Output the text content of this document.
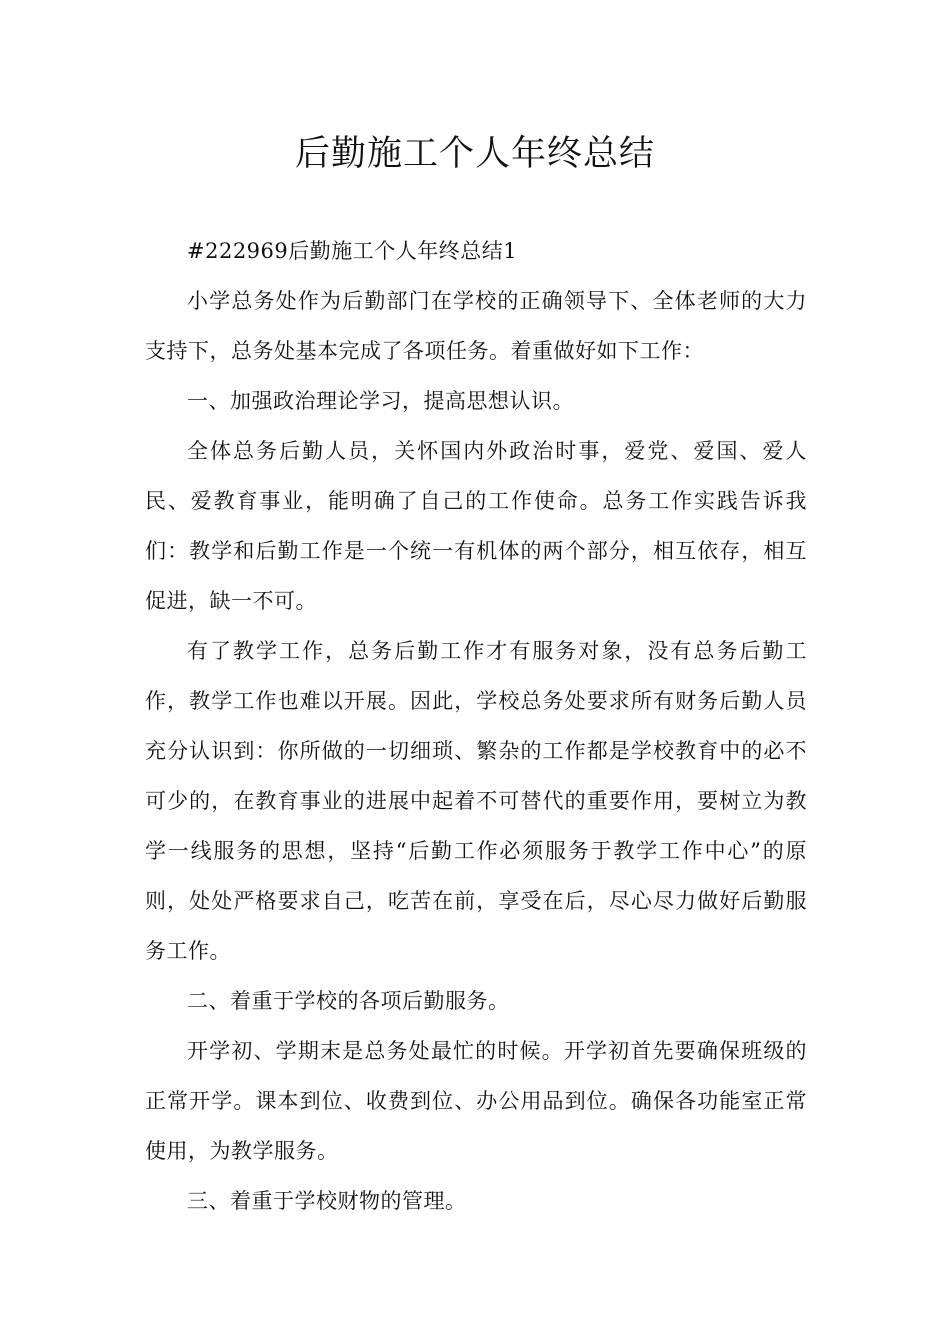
后勤施工个人年终总结

#222969后勤施工个人年终总结1

小学总务处作为后勤部门在学校的正确领导下、全体老师的大力支持下，总务处基本完成了各项任务。着重做好如下工作：

一、加强政治理论学习，提高思想认识。

全体总务后勤人员，关怀国内外政治时事，爱党、爱国、爱人民、爱教育事业，能明确了自己的工作使命。总务工作实践告诉我们：教学和后勤工作是一个统一有机体的两个部分，相互依存，相互促进，缺一不可。

有了教学工作，总务后勤工作才有服务对象，没有总务后勤工作，教学工作也难以开展。因此，学校总务处要求所有财务后勤人员充分认识到：你所做的一切细琐、繁杂的工作都是学校教育中的必不可少的，在教育事业的进展中起着不可替代的重要作用，要树立为教学一线服务的思想，坚持“后勤工作必须服务于教学工作中心”的原则，处处严格要求自己，吃苦在前，享受在后，尽心尽力做好后勤服务工作。

二、着重于学校的各项后勤服务。

开学初、学期末是总务处最忙的时候。开学初首先要确保班级的正常开学。课本到位、收费到位、办公用品到位。确保各功能室正常使用，为教学服务。

三、着重于学校财物的管理。
